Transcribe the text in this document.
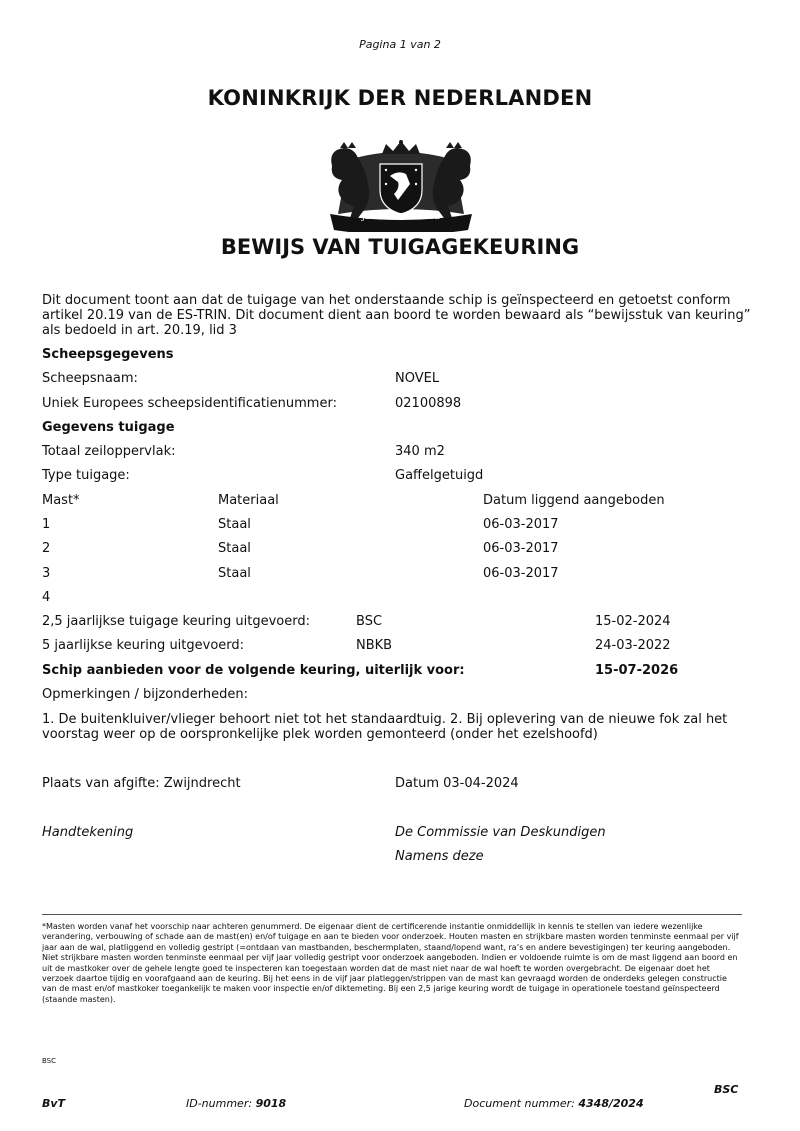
Pagina 1 van 2
KONINKRIJK DER NEDERLANDEN
JE MAINTIENDRAI
BEWIJS VAN TUIGAGEKEURING
Dit document toont aan dat de tuigage van het onderstaande schip is geïnspecteerd en getoetst conform artikel 20.19 van de ES-TRIN. Dit document dient aan boord te worden bewaard als “bewijsstuk van keuring” als bedoeld in art. 20.19, lid 3
Scheepsgegevens
Scheepsnaam:	NOVEL
Uniek Europees scheepsidentificatienummer:	02100898
Gegevens tuigage
Totaal zeiloppervlak:	340 m2
Type tuigage:	Gaffelgetuigd
Mast*	Materiaal	Datum liggend aangeboden
1	Staal	06-03-2017
2	Staal	06-03-2017
3	Staal	06-03-2017
4
2,5 jaarlijkse tuigage keuring uitgevoerd:	BSC	15-02-2024
5 jaarlijkse keuring uitgevoerd:	NBKB	24-03-2022
Schip aanbieden voor de volgende keuring, uiterlijk voor:	15-07-2026
Opmerkingen / bijzonderheden:
1. De buitenkluiver/vlieger behoort niet tot het standaardtuig. 2. Bij oplevering van de nieuwe fok zal het voorstag weer op de oorspronkelijke plek worden gemonteerd (onder het ezelshoofd)
Plaats van afgifte: Zwijndrecht	Datum 03-04-2024
Handtekening	De Commissie van Deskundigen
Namens deze
*Masten worden vanaf het voorschip naar achteren genummerd. De eigenaar dient de certificerende instantie onmiddellijk in kennis te stellen van iedere wezenlijke verandering, verbouwing of schade aan de mast(en) en/of tuigage en aan te bieden voor onderzoek. Houten masten en strijkbare masten worden tenminste eenmaal per vijf jaar aan de wal, platliggend en volledig gestript (=ontdaan van mastbanden, beschermplaten, staand/lopend want, ra’s en andere bevestigingen) ter keuring aangeboden. Niet strijkbare masten worden tenminste eenmaal per vijf jaar volledig gestript voor onderzoek aangeboden. Indien er voldoende ruimte is om de mast liggend aan boord en uit de mastkoker over de gehele lengte goed te inspecteren kan toegestaan worden dat de mast niet naar de wal hoeft te worden overgebracht. De eigenaar doet het verzoek daartoe tijdig en voorafgaand aan de keuring. Bij het eens in de vijf jaar platleggen/strippen van de mast kan gevraagd worden de onderdeks gelegen constructie van de mast en/of mastkoker toegankelijk te maken voor inspectie en/of diktemeting. Bij een 2,5 jarige keuring wordt de tuigage in operationele toestand geïnspecteerd (staande masten).
BSC
BSC
BvT	ID-nummer: 9018	Document nummer: 4348/2024
